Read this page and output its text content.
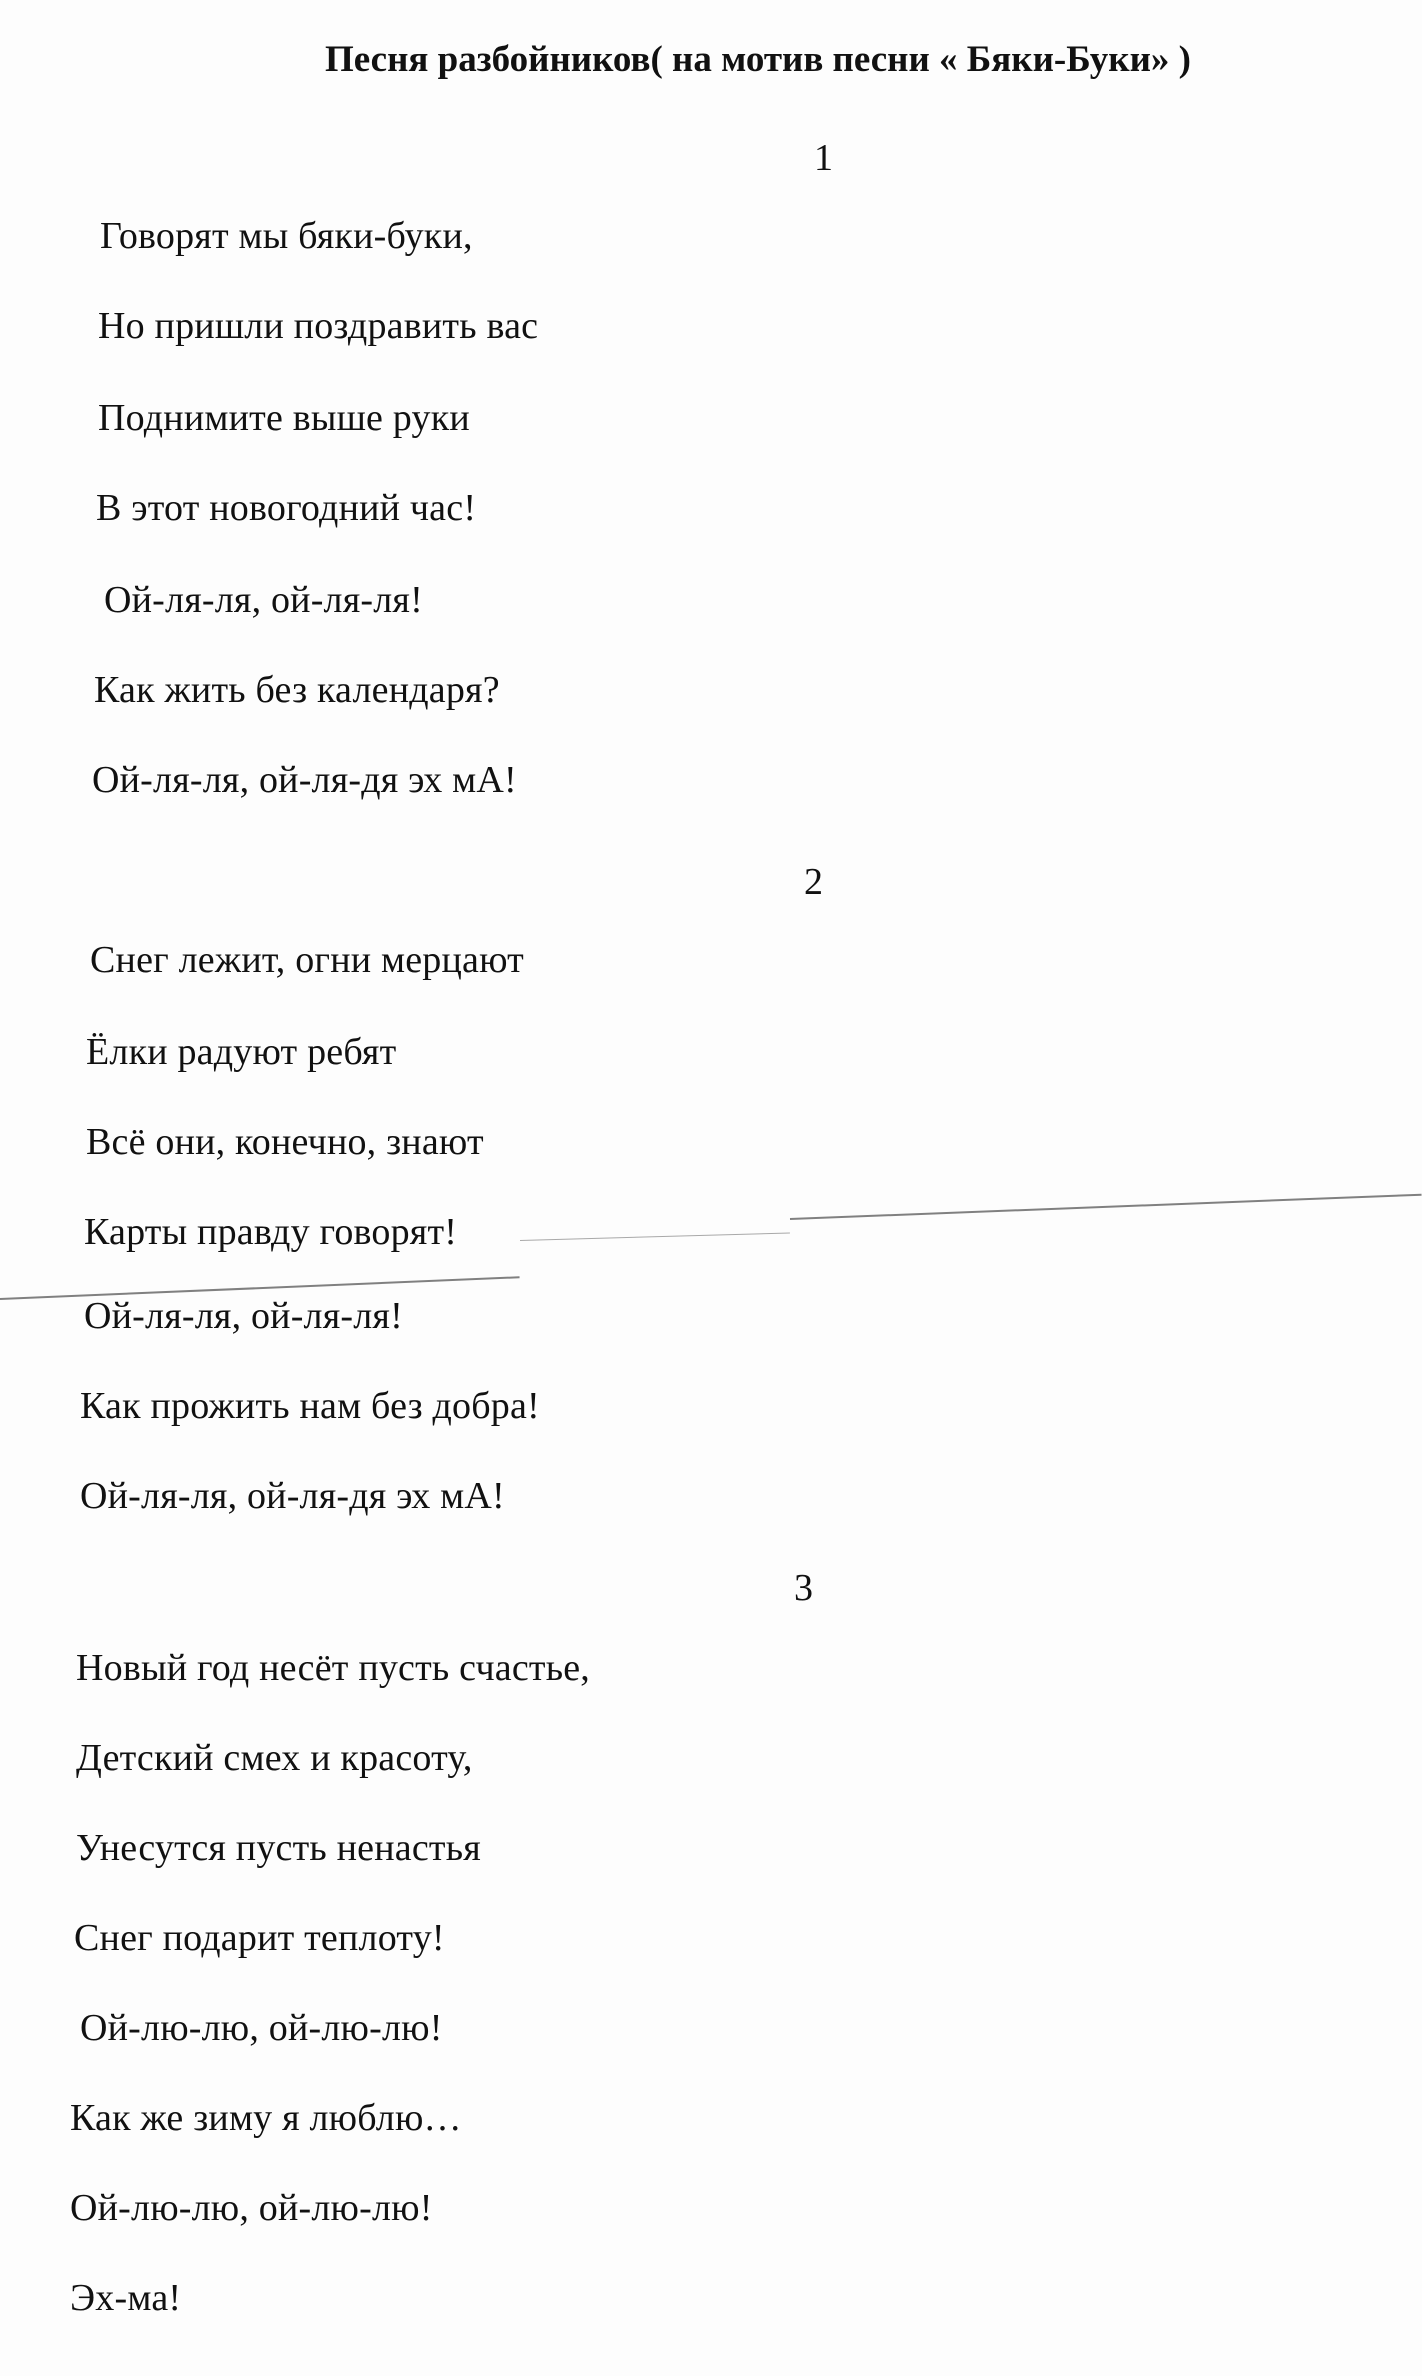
Песня разбойников( на мотив песни « Бяки-Буки» )
1
Говорят мы бяки-буки,
Но пришли поздравить вас
Поднимите выше руки
В этот новогодний час!
Ой-ля-ля, ой-ля-ля!
Как жить без календаря?
Ой-ля-ля, ой-ля-дя эх мА!
2
Снег лежит, огни мерцают
Ёлки радуют ребят
Всё они, конечно, знают
Карты правду говорят!
Ой-ля-ля, ой-ля-ля!
Как прожить нам без добра!
Ой-ля-ля, ой-ля-дя эх мА!
3
Новый год несёт пусть счастье,
Детский смех и красоту,
Унесутся пусть ненастья
Снег подарит теплоту!
Ой-лю-лю, ой-лю-лю!
Как же зиму я люблю…
Ой-лю-лю, ой-лю-лю!
Эх-ма!
